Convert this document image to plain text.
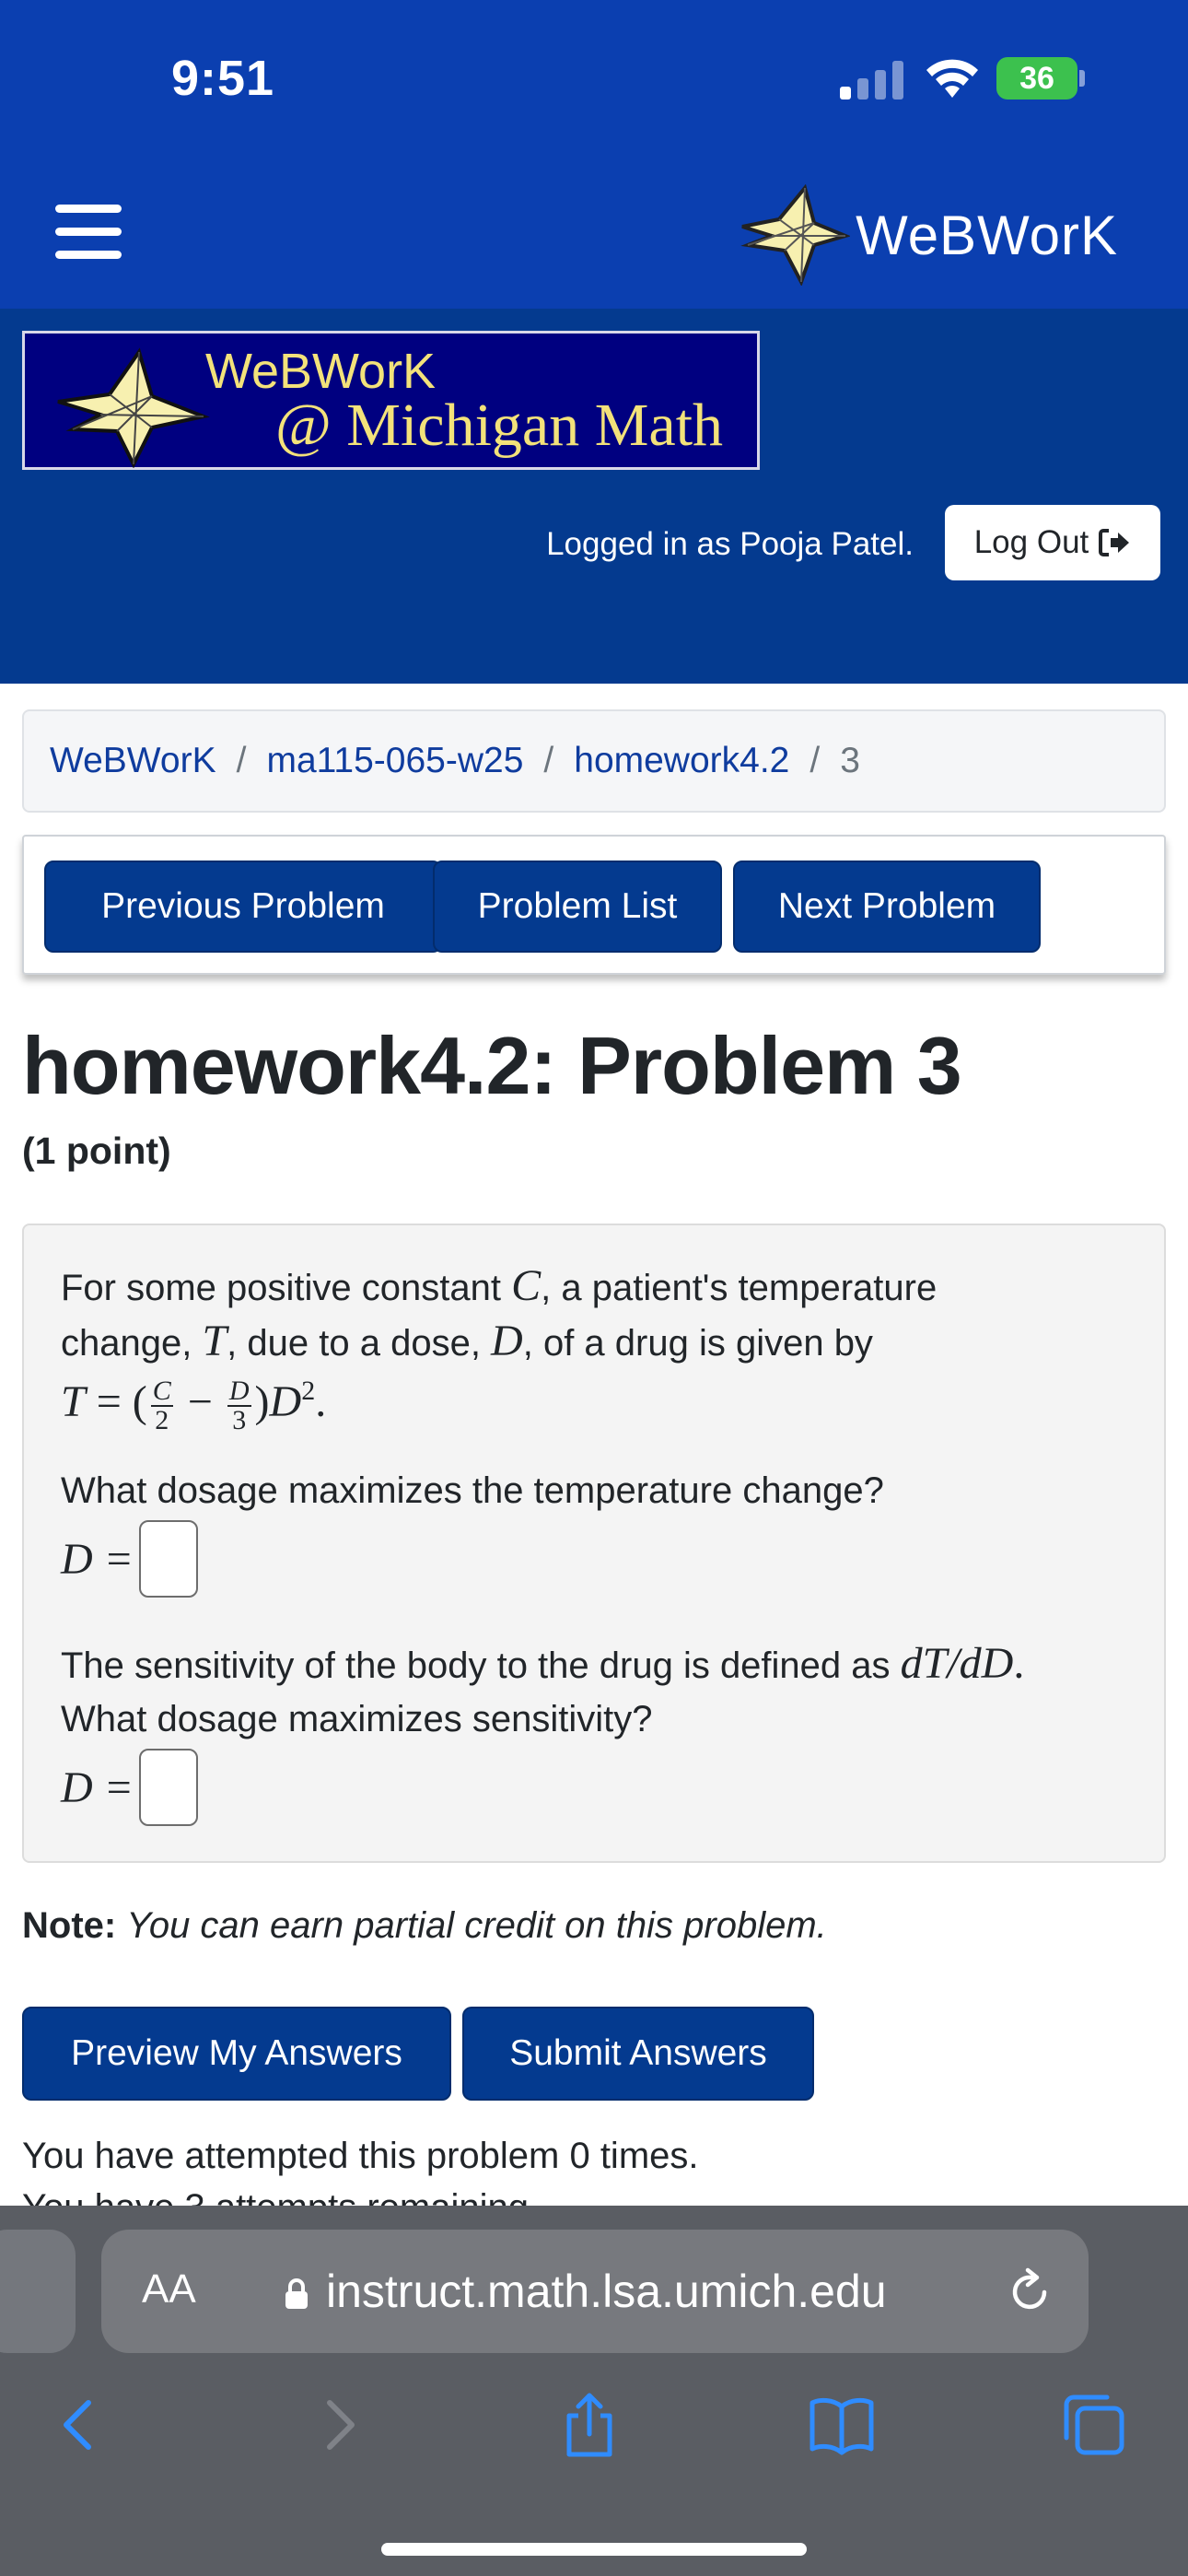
9:51	36
WeBWorK
WeBWorK
@ Michigan Math
Logged in as Pooja Patel. Log Out
WeBWorK / ma115-065-w25 / homework4.2 / 3
Previous Problem	Problem List	Next Problem
homework4.2: Problem 3
(1 point)
For some positive constant C, a patient's temperature
change, T, due to a dose, D, of a drug is given by
T = ( $\frac{C}{2} - \frac{D}{3} )D^2$.
What dosage maximizes the temperature change?
D =
The sensitivity of the body to the drug is defined as dT/dD.
What dosage maximizes sensitivity?
D =
Note: You can earn partial credit on this problem.
Preview My Answers	Submit Answers
You have attempted this problem 0 times.
AA	instruct.math.lsa.umich.edu
